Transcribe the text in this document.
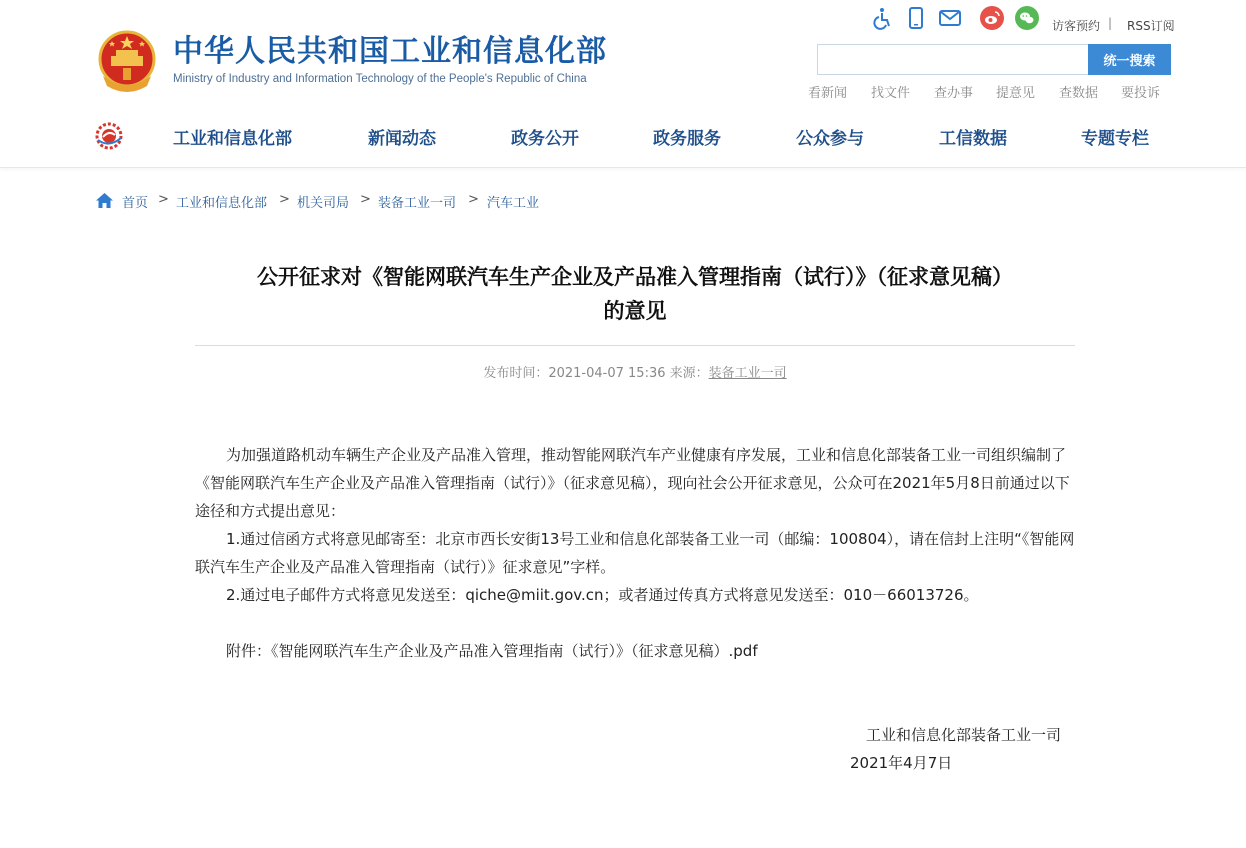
中华人民共和国工业和信息化部
Ministry of Industry and Information Technology of the People's Republic of China
访客预约 | RSS订阅
统一搜索
看新闻 找文件 查办事 提意见 查数据 要投诉
工业和信息化部	新闻动态	政务公开	政务服务	公众参与	工信数据	专题专栏
首页 > 工业和信息化部 > 机关司局 > 装备工业一司 > 汽车工业
公开征求对《智能网联汽车生产企业及产品准入管理指南（试行）》（征求意见稿）
的意见
发布时间：2021-04-07 15:36 来源：装备工业一司

为加强道路机动车辆生产企业及产品准入管理，推动智能网联汽车产业健康有序发展，工业和信息化部装备工业一司组织编制了《智能网联汽车生产企业及产品准入管理指南（试行）》（征求意见稿），现向社会公开征求意见，公众可在2021年5月8日前通过以下途径和方式提出意见：

1.通过信函方式将意见邮寄至：北京市西长安街13号工业和信息化部装备工业一司（邮编：100804），请在信封上注明“《智能网联汽车生产企业及产品准入管理指南（试行）》征求意见”字样。

2.通过电子邮件方式将意见发送至：qiche@miit.gov.cn；或者通过传真方式将意见发送至：010－66013726。

附件：《智能网联汽车生产企业及产品准入管理指南（试行）》（征求意见稿）.pdf

工业和信息化部装备工业一司
2021年4月7日
